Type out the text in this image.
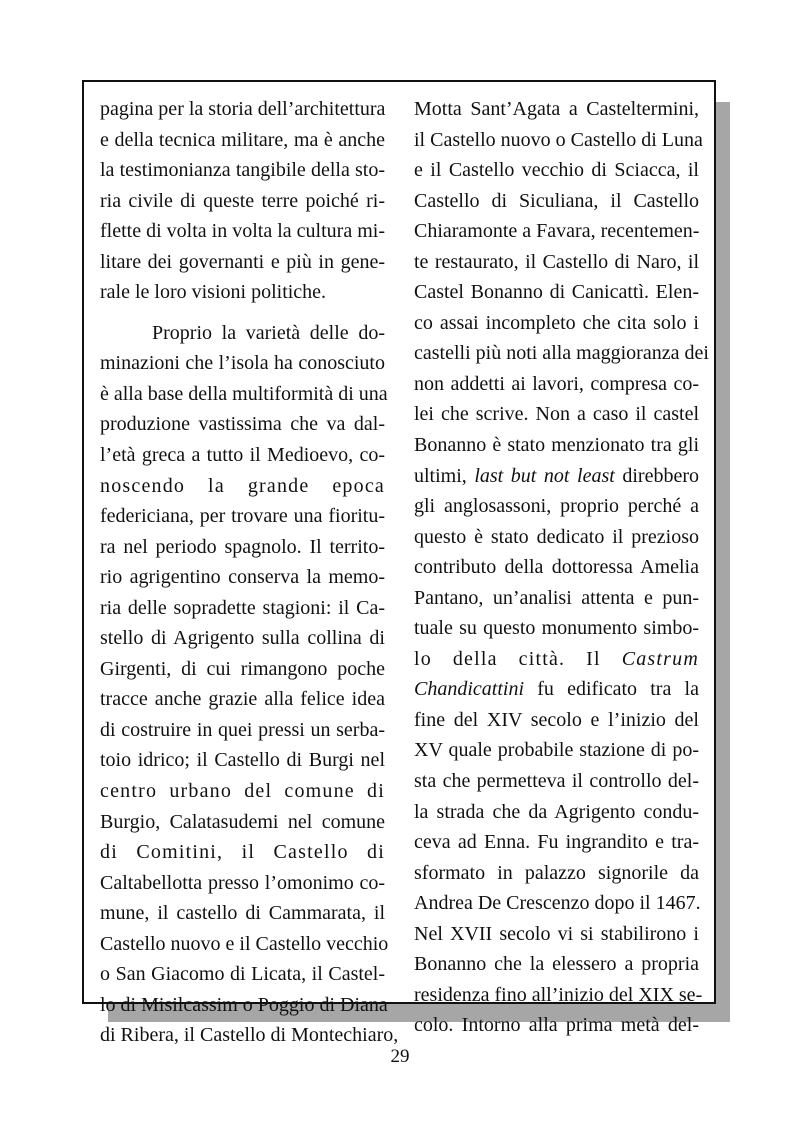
pagina per la storia dell’architettura
e della tecnica militare, ma è anche
la testimonianza tangibile della sto-
ria civile di queste terre poiché ri-
flette di volta in volta la cultura mi-
litare dei governanti e più in gene-
rale le loro visioni politiche.
Proprio la varietà delle do-
minazioni che l’isola ha conosciuto
è alla base della multiformità di una
produzione vastissima che va dal-
l’età greca a tutto il Medioevo, co-
noscendo la grande epoca
federiciana, per trovare una fioritu-
ra nel periodo spagnolo. Il territo-
rio agrigentino conserva la memo-
ria delle sopradette stagioni: il Ca-
stello di Agrigento sulla collina di
Girgenti, di cui rimangono poche
tracce anche grazie alla felice idea
di costruire in quei pressi un serba-
toio idrico; il Castello di Burgi nel
centro urbano del comune di
Burgio, Calatasudemi nel comune
di Comitini, il Castello di
Caltabellotta presso l’omonimo co-
mune, il castello di Cammarata, il
Castello nuovo e il Castello vecchio
o San Giacomo di Licata, il Castel-
lo di Misilcassim o Poggio di Diana
di Ribera, il Castello di Montechiaro,
Motta Sant’Agata a Casteltermini,
il Castello nuovo o Castello di Luna
e il Castello vecchio di Sciacca, il
Castello di Siculiana, il Castello
Chiaramonte a Favara, recentemen-
te restaurato, il Castello di Naro, il
Castel Bonanno di Canicattì. Elen-
co assai incompleto che cita solo i
castelli più noti alla maggioranza dei
non addetti ai lavori, compresa co-
lei che scrive. Non a caso il castel
Bonanno è stato menzionato tra gli
ultimi, last but not least direbbero
gli anglosassoni, proprio perché a
questo è stato dedicato il prezioso
contributo della dottoressa Amelia
Pantano, un’analisi attenta e pun-
tuale su questo monumento simbo-
lo della città. Il Castrum
Chandicattini fu edificato tra la
fine del XIV secolo e l’inizio del
XV quale probabile stazione di po-
sta che permetteva il controllo del-
la strada che da Agrigento condu-
ceva ad Enna. Fu ingrandito e tra-
sformato in palazzo signorile da
Andrea De Crescenzo dopo il 1467.
Nel XVII secolo vi si stabilirono i
Bonanno che la elessero a propria
residenza fino all’inizio del XIX se-
colo. Intorno alla prima metà del-
29
